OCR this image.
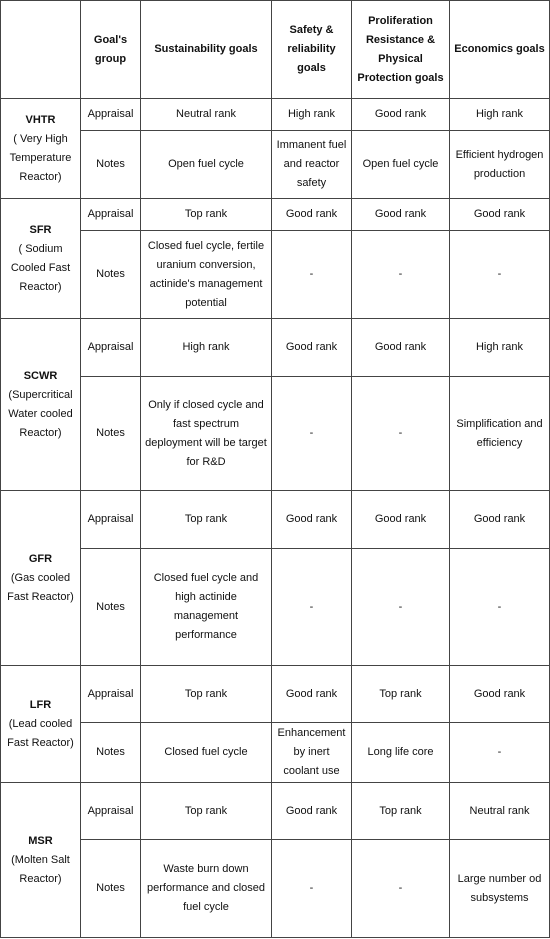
	Goal's group	Sustainability goals	Safety & reliability goals	Proliferation Resistance & Physical Protection goals	Economics goals
VHTR
( Very High Temperature Reactor)	Appraisal	Neutral rank	High rank	Good rank	High rank
	Notes	Open fuel cycle	Immanent fuel and reactor safety	Open fuel cycle	Efficient hydrogen production
SFR
( Sodium Cooled Fast Reactor)	Appraisal	Top rank	Good rank	Good rank	Good rank
	Notes	Closed fuel cycle, fertile uranium conversion, actinide's management potential	-	-	-
SCWR
(Supercritical Water cooled Reactor)	Appraisal	High rank	Good rank	Good rank	High rank
	Notes	Only if closed cycle and fast spectrum deployment will be target for R&D	-	-	Simplification and efficiency
GFR
(Gas cooled Fast Reactor)	Appraisal	Top rank	Good rank	Good rank	Good rank
	Notes	Closed fuel cycle and high actinide management performance	-	-	-
LFR
(Lead cooled Fast Reactor)	Appraisal	Top rank	Good rank	Top rank	Good rank
	Notes	Closed fuel cycle	Enhancement by inert coolant use	Long life core	-
MSR
(Molten Salt Reactor)	Appraisal	Top rank	Good rank	Top rank	Neutral rank
	Notes	Waste burn down performance and closed fuel cycle	-	-	Large number od subsystems
